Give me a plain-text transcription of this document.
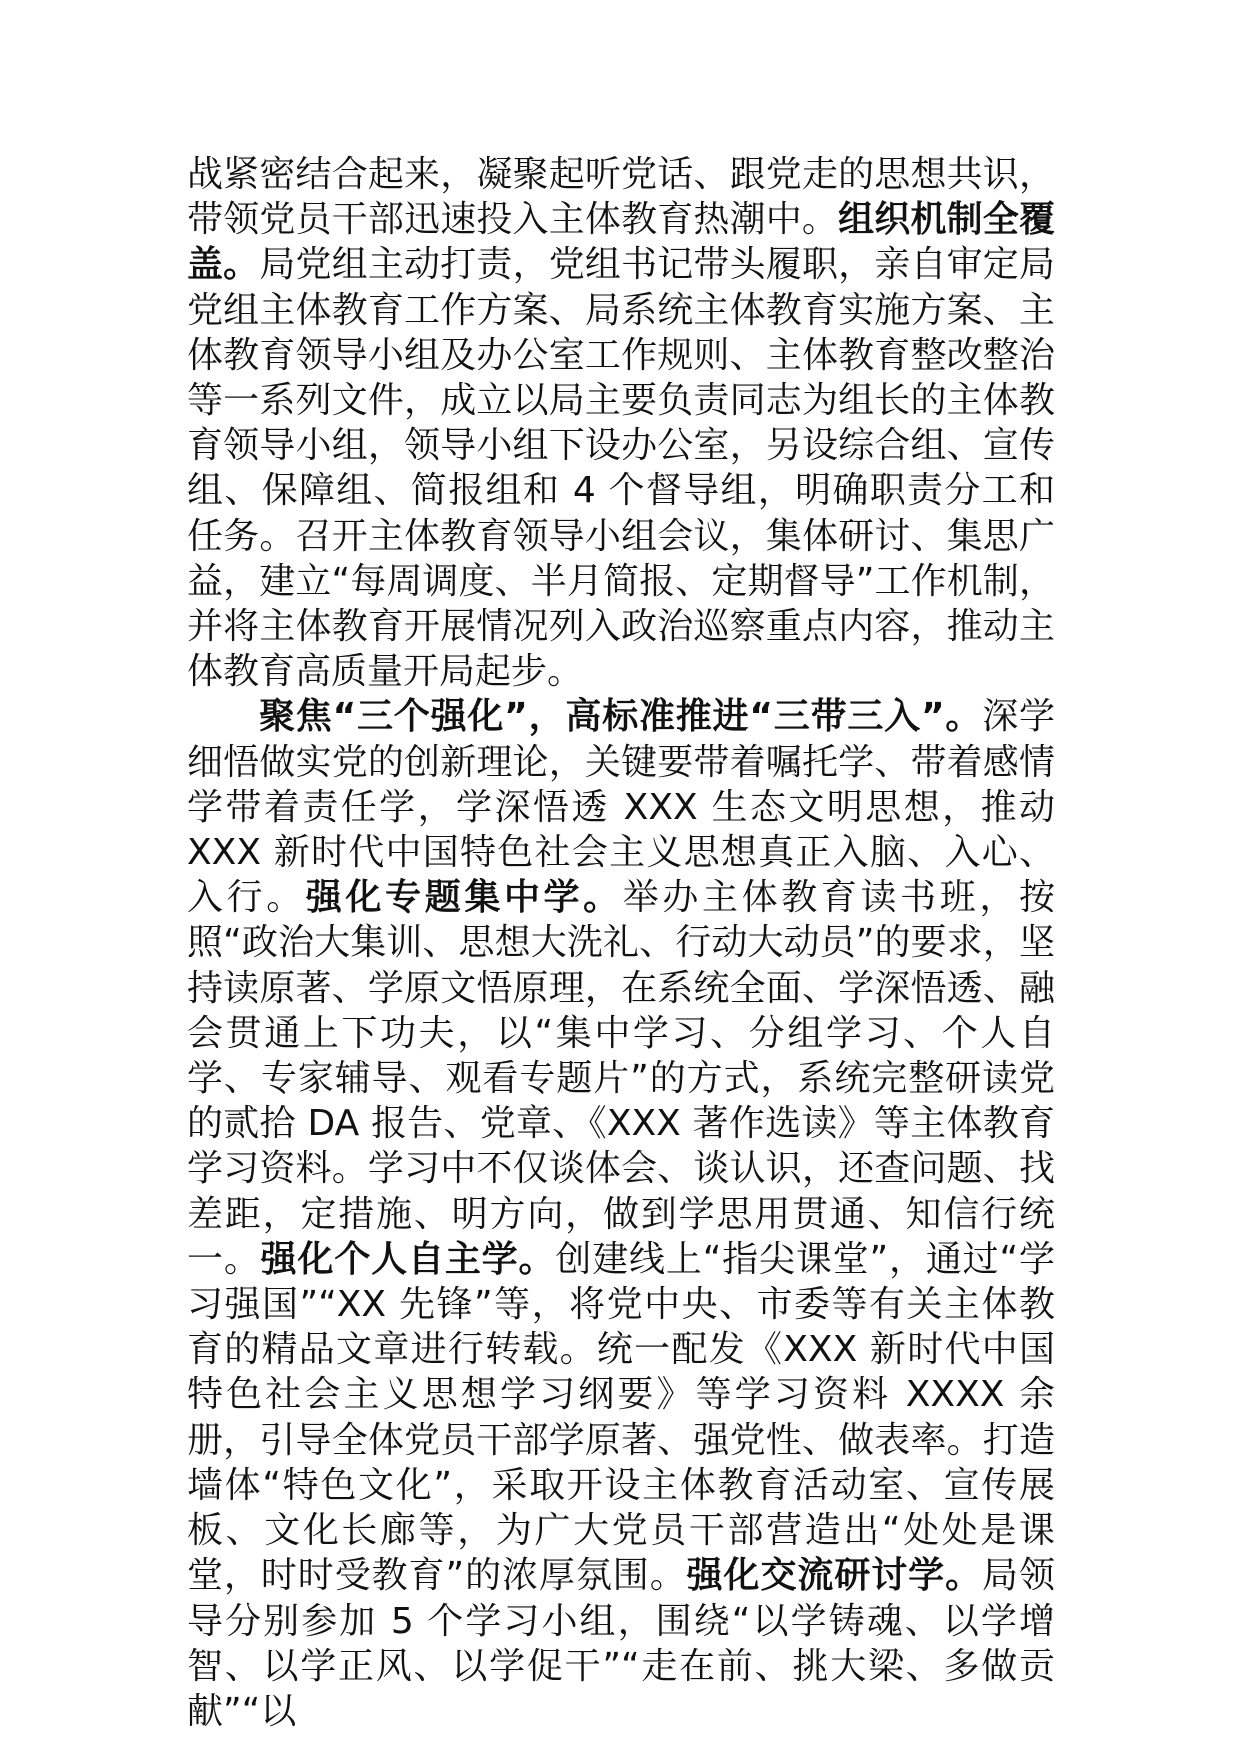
战紧密结合起来，凝聚起听党话、跟党走的思想共识，带领党员干部迅速投入主体教育热潮中。组织机制全覆盖。局党组主动打责，党组书记带头履职，亲自审定局党组主体教育工作方案、局系统主体教育实施方案、主体教育领导小组及办公室工作规则、主体教育整改整治等一系列文件，成立以局主要负责同志为组长的主体教育领导小组，领导小组下设办公室，另设综合组、宣传组、保障组、简报组和 4 个督导组，明确职责分工和任务。召开主体教育领导小组会议，集体研讨、集思广益，建立“每周调度、半月简报、定期督导”工作机制，并将主体教育开展情况列入政治巡察重点内容，推动主体教育高质量开局起步。

聚焦“三个强化”，高标准推进“三带三入”。深学细悟做实党的创新理论，关键要带着嘱托学、带着感情学带着责任学，学深悟透 XXX 生态文明思想，推动 XXX 新时代中国特色社会主义思想真正入脑、入心、入行。强化专题集中学。举办主体教育读书班，按照“政治大集训、思想大洗礼、行动大动员”的要求，坚持读原著、学原文悟原理，在系统全面、学深悟透、融会贯通上下功夫，以“集中学习、分组学习、个人自学、专家辅导、观看专题片”的方式，系统完整研读党的贰拾 DA 报告、党章、《XXX 著作选读》等主体教育学习资料。学习中不仅谈体会、谈认识，还查问题、找差距，定措施、明方向，做到学思用贯通、知信行统一。强化个人自主学。创建线上“指尖课堂”，通过“学习强国”“XX 先锋”等，将党中央、市委等有关主体教育的精品文章进行转载。统一配发《XXX 新时代中国特色社会主义思想学习纲要》等学习资料 XXXX 余册，引导全体党员干部学原著、强党性、做表率。打造墙体“特色文化”，采取开设主体教育活动室、宣传展板、文化长廊等，为广大党员干部营造出“处处是课堂，时时受教育”的浓厚氛围。强化交流研讨学。局领导分别参加 5 个学习小组，围绕“以学铸魂、以学增智、以学正风、以学促干”“走在前、挑大梁、多做贡献”“以
